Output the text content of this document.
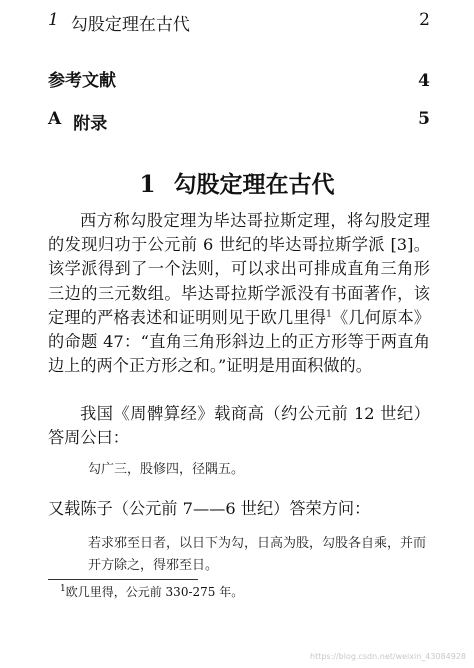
1 勾股定理在古代	2
参考文献	4
A 附录	5
1 勾股定理在古代
西方称勾股定理为毕达哥拉斯定理，将勾股定理的发现归功于公元前 6 世纪的毕达哥拉斯学派 [3]。该学派得到了一个法则，可以求出可排成直角三角形三边的三元数组。毕达哥拉斯学派没有书面著作，该定理的严格表述和证明则见于欧几里得$^1$《几何原本》的命题 47：“直角三角形斜边上的正方形等于两直角边上的两个正方形之和。”证明是用面积做的。
我国《周髀算经》载商高（约公元前 12 世纪）答周公曰：
勾广三，股修四，径隅五。
又载陈子（公元前 7——6 世纪）答荣方问：
若求邪至日者，以日下为勾，日高为股，勾股各自乘，并而开方除之，得邪至日。
$^1$欧几里得，公元前 330-275 年。
https://blog.csdn.net/weixin_43084928
